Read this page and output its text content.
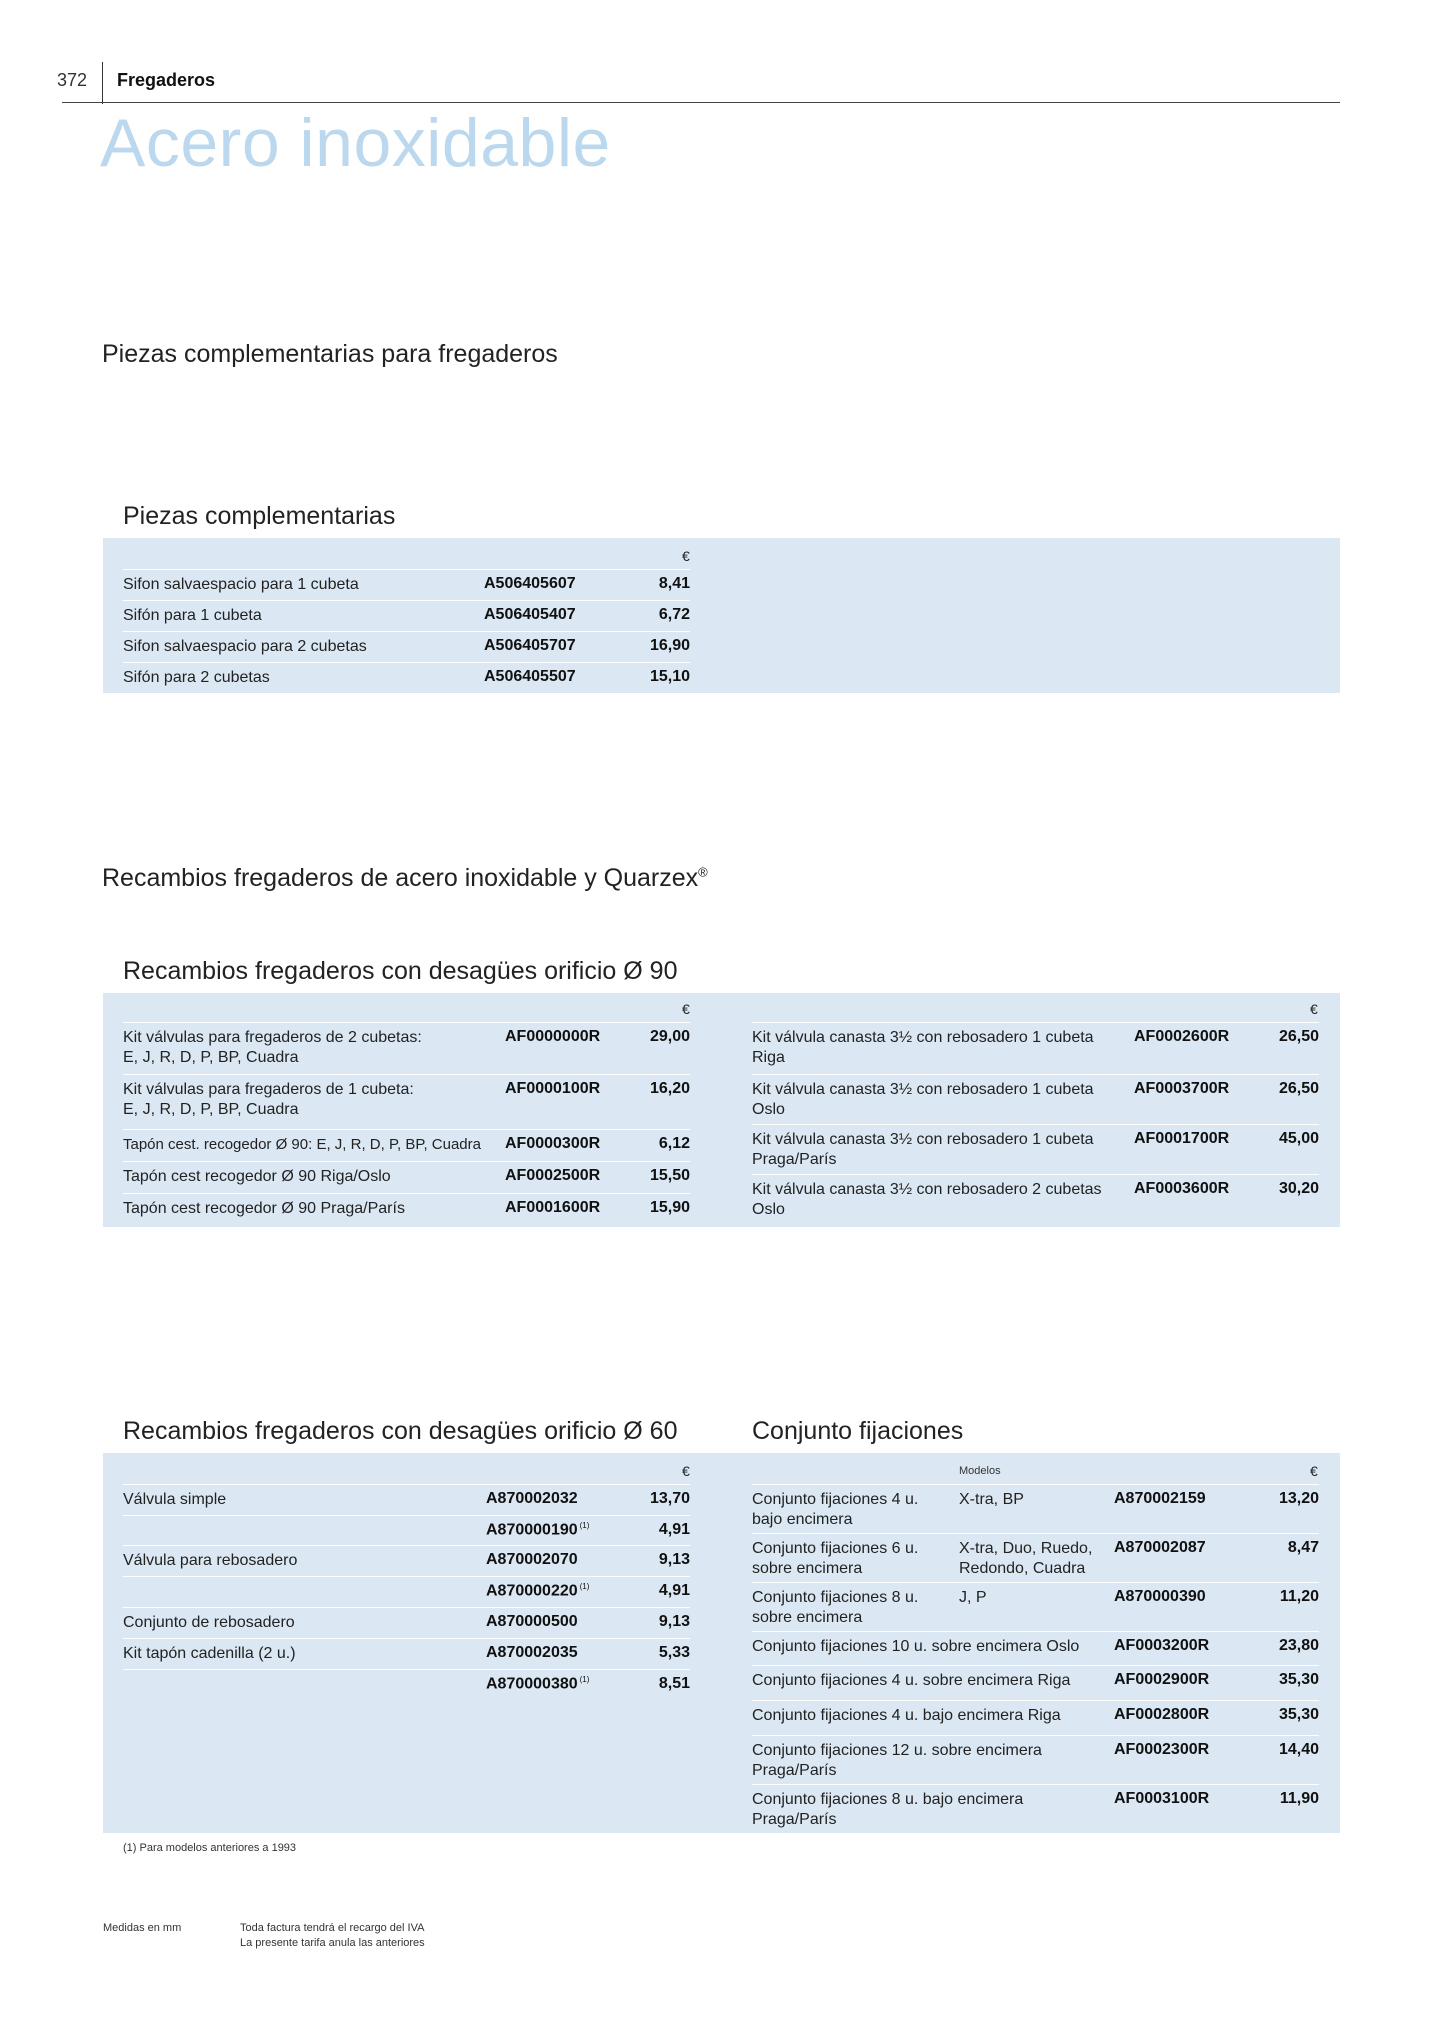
372 Fregaderos
Acero inoxidable
Piezas complementarias para fregaderos
Piezas complementarias
€
Sifon salvaespacio para 1 cubeta	A506405607	8,41
Sifón para 1 cubeta	A506405407	6,72
Sifon salvaespacio para 2 cubetas	A506405707	16,90
Sifón para 2 cubetas	A506405507	15,10
Recambios fregaderos de acero inoxidable y Quarzex®
Recambios fregaderos con desagües orificio Ø 90
€	€
Kit válvulas para fregaderos de 2 cubetas:
E, J, R, D, P, BP, Cuadra
AF0000000R	29,00
Kit válvulas para fregaderos de 1 cubeta:
E, J, R, D, P, BP, Cuadra
AF0000100R	16,20
Tapón cest. recogedor Ø 90: E, J, R, D, P, BP, Cuadra	AF0000300R	6,12
Tapón cest recogedor Ø 90 Riga/Oslo	AF0002500R	15,50
Tapón cest recogedor Ø 90 Praga/París	AF0001600R	15,90
Kit válvula canasta 3½ con rebosadero 1 cubeta
Riga
AF0002600R	26,50
Kit válvula canasta 3½ con rebosadero 1 cubeta
Oslo
AF0003700R	26,50
Kit válvula canasta 3½ con rebosadero 1 cubeta
Praga/París
AF0001700R	45,00
Kit válvula canasta 3½ con rebosadero 2 cubetas
Oslo
AF0003600R	30,20
Recambios fregaderos con desagües orificio Ø 60	Conjunto fijaciones
€	Modelos	€
Válvula simple	A870002032	13,70
A870000190 $^{(1)}$	4,91
Válvula para rebosadero	A870002070	9,13
A870000220 $^{(1)}$	4,91
Conjunto de rebosadero	A870000500	9,13
Kit tapón cadenilla (2 u.)	A870002035	5,33
A870000380 $^{(1)}$	8,51
Conjunto fijaciones 4 u.
bajo encimera
X-tra, BP	A870002159	13,20
Conjunto fijaciones 6 u.
sobre encimera
X-tra, Duo, Ruedo,
Redondo, Cuadra
A870002087	8,47
Conjunto fijaciones 8 u.
sobre encimera
J, P	A870000390	11,20
Conjunto fijaciones 10 u. sobre encimera Oslo AF0003200R	23,80
Conjunto fijaciones 4 u. sobre encimera Riga	AF0002900R	35,30
Conjunto fijaciones 4 u. bajo encimera Riga	AF0002800R	35,30
Conjunto fijaciones 12 u. sobre encimera
Praga/París
AF0002300R	14,40
Conjunto fijaciones 8 u. bajo encimera
Praga/París
AF0003100R	11,90
(1) Para modelos anteriores a 1993
Medidas en mm	Toda factura tendrá el recargo del IVA
La presente tarifa anula las anteriores
